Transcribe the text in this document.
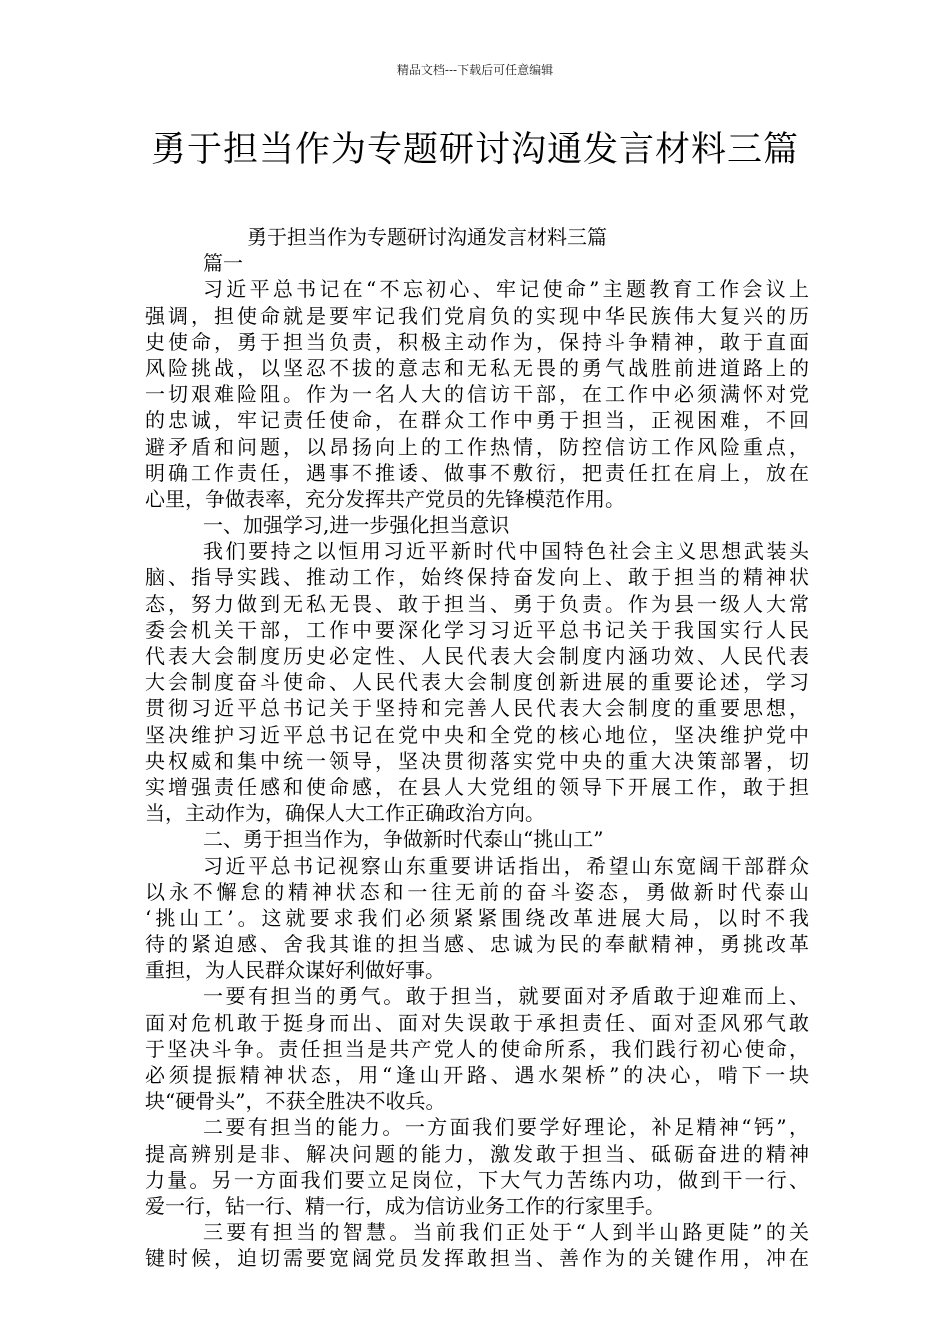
精品文档---下载后可任意编辑
勇于担当作为专题研讨沟通发言材料三篇
勇于担当作为专题研讨沟通发言材料三篇
篇一
习近平总书记在“不忘初心、牢记使命”主题教育工作会议上
强调，担使命就是要牢记我们党肩负的实现中华民族伟大复兴的历
史使命，勇于担当负责，积极主动作为，保持斗争精神，敢于直面
风险挑战，以坚忍不拔的意志和无私无畏的勇气战胜前进道路上的
一切艰难险阻。作为一名人大的信访干部，在工作中必须满怀对党
的忠诚，牢记责任使命，在群众工作中勇于担当，正视困难，不回
避矛盾和问题，以昂扬向上的工作热情，防控信访工作风险重点，
明确工作责任，遇事不推诿、做事不敷衍，把责任扛在肩上，放在
心里，争做表率，充分发挥共产党员的先锋模范作用。
一、加强学习,进一步强化担当意识
我们要持之以恒用习近平新时代中国特色社会主义思想武装头
脑、指导实践、推动工作，始终保持奋发向上、敢于担当的精神状
态，努力做到无私无畏、敢于担当、勇于负责。作为县一级人大常
委会机关干部，工作中要深化学习习近平总书记关于我国实行人民
代表大会制度历史必定性、人民代表大会制度内涵功效、人民代表
大会制度奋斗使命、人民代表大会制度创新进展的重要论述，学习
贯彻习近平总书记关于坚持和完善人民代表大会制度的重要思想，
坚决维护习近平总书记在党中央和全党的核心地位，坚决维护党中
央权威和集中统一领导，坚决贯彻落实党中央的重大决策部署，切
实增强责任感和使命感，在县人大党组的领导下开展工作，敢于担
当，主动作为，确保人大工作正确政治方向。
二、勇于担当作为，争做新时代泰山“挑山工”
习近平总书记视察山东重要讲话指出，希望山东宽阔干部群众
以永不懈怠的精神状态和一往无前的奋斗姿态，勇做新时代泰山
‘挑山工’。这就要求我们必须紧紧围绕改革进展大局，以时不我
待的紧迫感、舍我其谁的担当感、忠诚为民的奉献精神，勇挑改革
重担，为人民群众谋好利做好事。
一要有担当的勇气。敢于担当，就要面对矛盾敢于迎难而上、
面对危机敢于挺身而出、面对失误敢于承担责任、面对歪风邪气敢
于坚决斗争。责任担当是共产党人的使命所系，我们践行初心使命，
必须提振精神状态，用“逢山开路、遇水架桥”的决心，啃下一块
块“硬骨头”，不获全胜决不收兵。
二要有担当的能力。一方面我们要学好理论，补足精神“钙”，
提高辨别是非、解决问题的能力，激发敢于担当、砥砺奋进的精神
力量。另一方面我们要立足岗位，下大气力苦练内功，做到干一行、
爱一行，钻一行、精一行，成为信访业务工作的行家里手。
三要有担当的智慧。当前我们正处于“人到半山路更陡”的关
键时候，迫切需要宽阔党员发挥敢担当、善作为的关键作用，冲在
